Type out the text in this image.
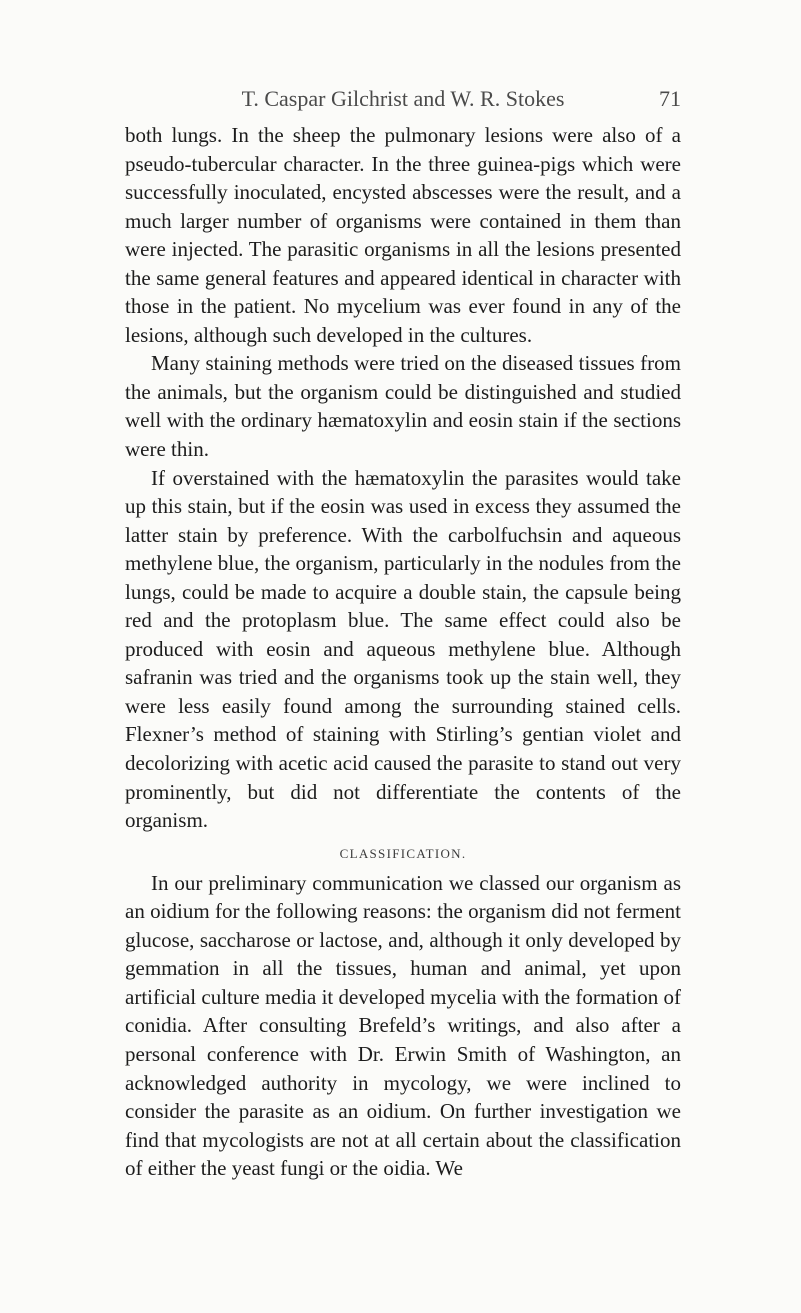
T. Caspar Gilchrist and W. R. Stokes	71

both lungs. In the sheep the pulmonary lesions were also of a pseudo-tubercular character. In the three guinea-pigs which were successfully inoculated, encysted abscesses were the result, and a much larger number of organisms were contained in them than were injected. The parasitic organisms in all the lesions presented the same general features and appeared identical in character with those in the patient. No mycelium was ever found in any of the lesions, although such developed in the cultures.

Many staining methods were tried on the diseased tissues from the animals, but the organism could be distinguished and studied well with the ordinary hæmatoxylin and eosin stain if the sections were thin.

If overstained with the hæmatoxylin the parasites would take up this stain, but if the eosin was used in excess they assumed the latter stain by preference. With the carbolfuchsin and aqueous methylene blue, the organism, particularly in the nodules from the lungs, could be made to acquire a double stain, the capsule being red and the protoplasm blue. The same effect could also be produced with eosin and aqueous methylene blue. Although safranin was tried and the organisms took up the stain well, they were less easily found among the surrounding stained cells. Flexner’s method of staining with Stirling’s gentian violet and decolorizing with acetic acid caused the parasite to stand out very prominently, but did not differentiate the contents of the organism.

CLASSIFICATION.

In our preliminary communication we classed our organism as an oidium for the following reasons: the organism did not ferment glucose, saccharose or lactose, and, although it only developed by gemmation in all the tissues, human and animal, yet upon artificial culture media it developed mycelia with the formation of conidia. After consulting Brefeld’s writings, and also after a personal conference with Dr. Erwin Smith of Washington, an acknowledged authority in mycology, we were inclined to consider the parasite as an oidium. On further investigation we find that mycologists are not at all certain about the classification of either the yeast fungi or the oidia. We
